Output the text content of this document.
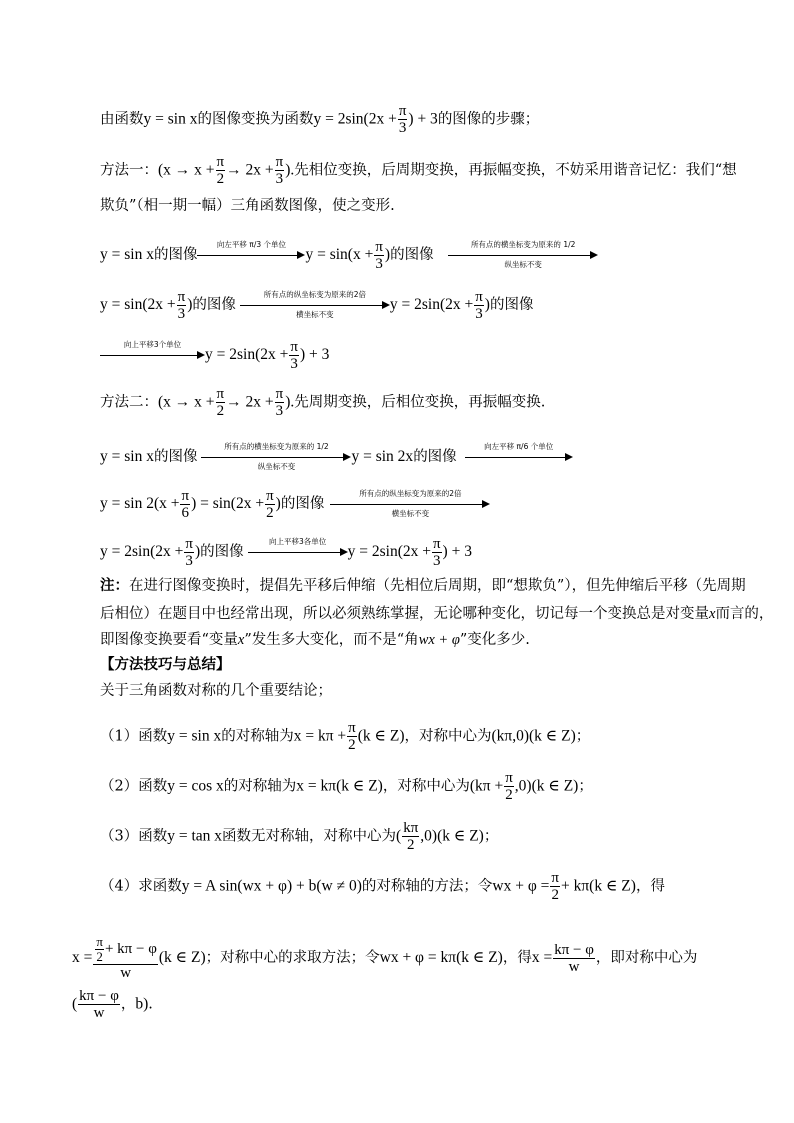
由函数y = sin x的图像变换为函数$y = 2\sin(2x + \frac{\pi}{3}$ ) + 3的图像的步骤；
方法一：($x \to x + \frac{\pi}{2} \to 2x + \frac{\pi}{3}$ ).先相位变换，后周期变换，再振幅变换，不妨采用谐音记忆：我们“想
欺负”（相一期一幅）三角函数图像，使之变形.
y = sin x的图像
向左平移 π/3 个单位
$y = \sin(x + \frac{\pi}{3}$ )的图像
所有点的横坐标变为原来的 1/2
纵坐标不变
$y = \sin(2x + \frac{\pi}{3}$ )的图像
所有点的纵坐标变为原来的2倍
横坐标不变
$y = 2\sin(2x + \frac{\pi}{3}$ )的图像
向上平移3个单位
$y = 2\sin(2x + \frac{\pi}{3}$ ) + 3
方法二：($x \to x + \frac{\pi}{2} \to 2x + \frac{\pi}{3}$ ).先周期变换，后相位变换，再振幅变换.
y = sin x的图像
所有点的横坐标变为原来的 1/2
纵坐标不变
y = sin 2x的图像
向左平移 π/6 个单位
$y = \sin 2(x + \frac{\pi}{6}$ ) = $\sin(2x + \frac{\pi}{2}$ )的图像
所有点的纵坐标变为原来的2倍
横坐标不变
$y = 2\sin(2x + \frac{\pi}{3}$ )的图像
向上平移3各单位
$y = 2\sin(2x + \frac{\pi}{3}$ ) + 3
注：在进行图像变换时，提倡先平移后伸缩（先相位后周期，即“想欺负”），但先伸缩后平移（先周期
后相位）在题目中也经常出现，所以必须熟练掌握，无论哪种变化，切记每一个变换总是对变量x而言的，
即图像变换要看“变量x”发生多大变化，而不是“角wx + φ”变化多少.
【方法技巧与总结】
关于三角函数对称的几个重要结论；
（1）函数y = sin x的对称轴为$x = k\pi + \frac{\pi}{2} (k$ ∈ Z)，对称中心为(kπ,0)(k ∈ Z)；
（2）函数y = cos x的对称轴为x = kπ(k ∈ Z)，对称中心为$(k\pi + \frac{\pi}{2} ,0)(k$ ∈ Z)；
（3）函数y = tan x函数无对称轴，对称中心为( $\frac{k\pi}{2} ,0)(k$ ∈ Z)；
（4）求函数y = A sin(wx + φ) + b(w ≠ 0)的对称轴的方法；令wx + $\varphi = \frac{\pi}{2} + k\pi(k$ ∈ Z)，得
$x = \frac{\frac{\pi}{2} + k\pi - \varphi}{w} (k$ ∈ Z)；对称中心的求取方法；令wx + φ = kπ(k ∈ Z)，得$x = \frac{k\pi - \varphi}{w}$ ，即对称中心为
( $\frac{k\pi - \varphi}{w}$ ，b).
